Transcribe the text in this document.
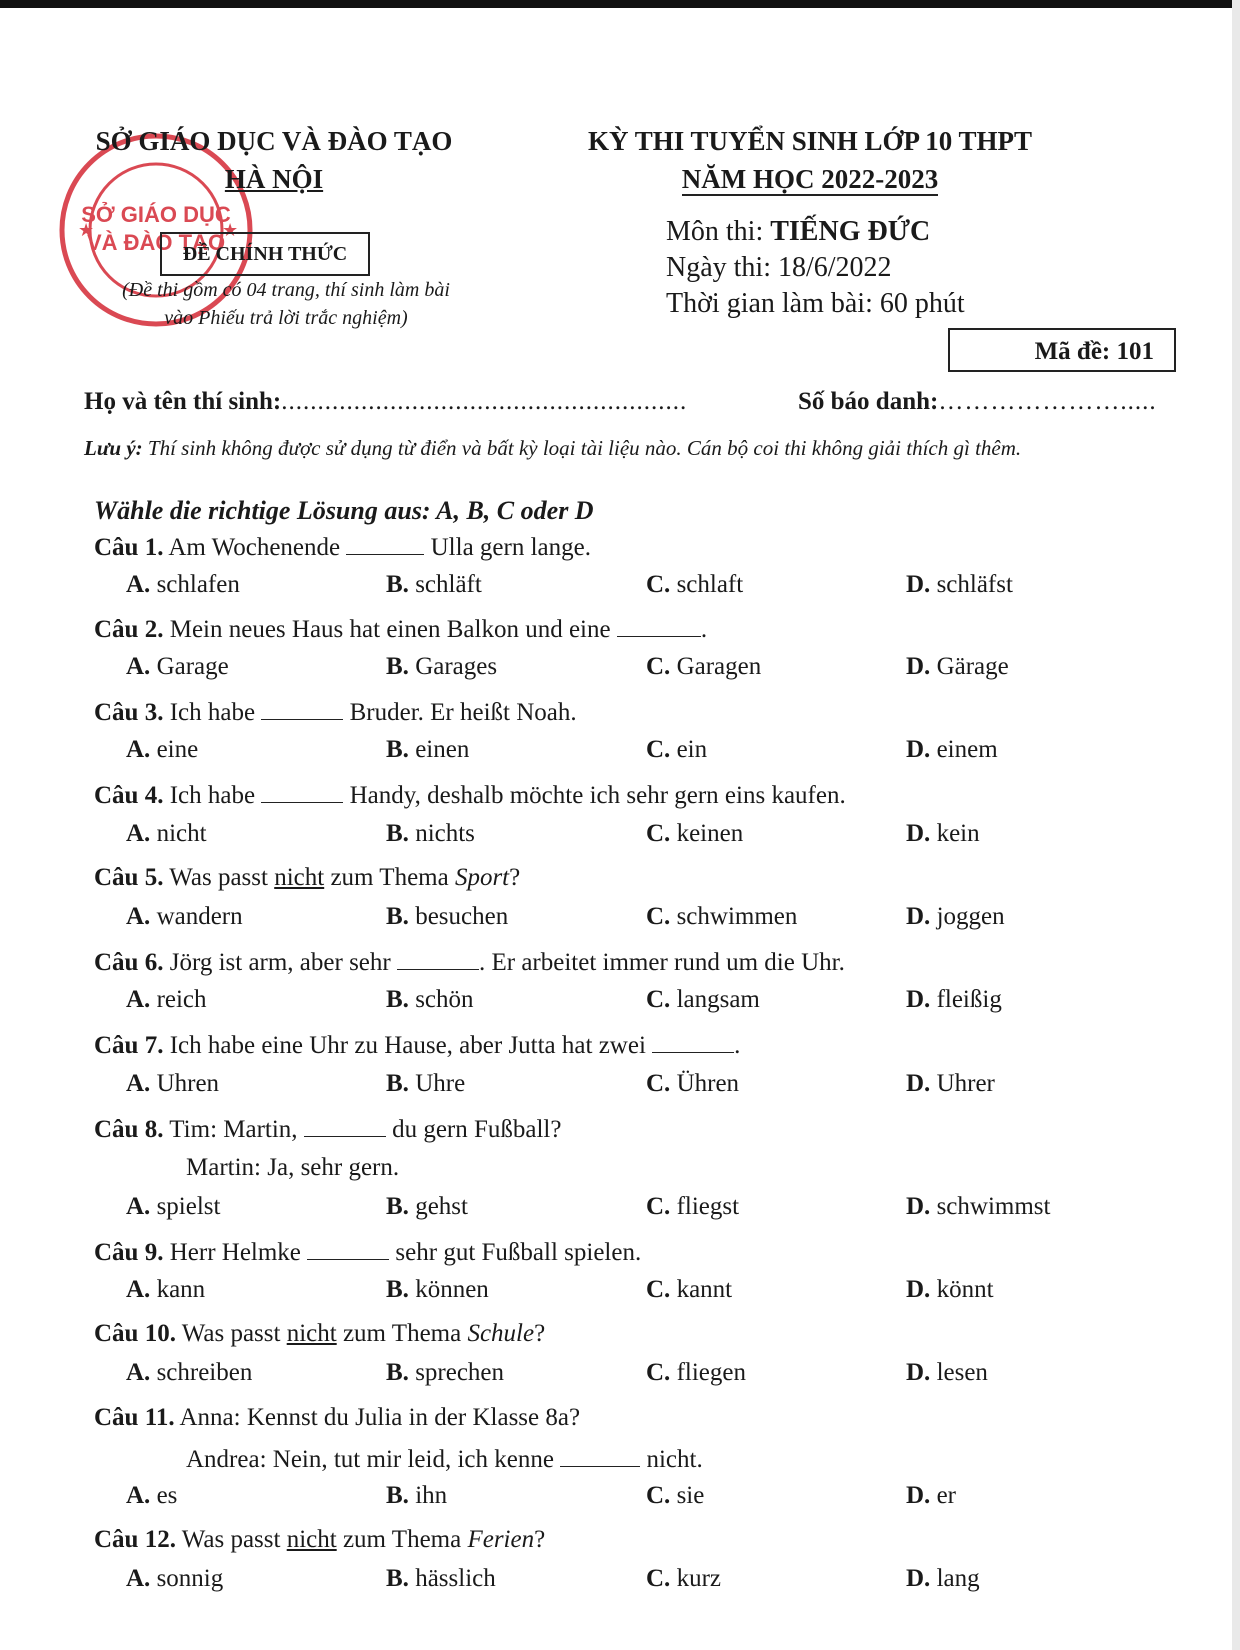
SỞ GIÁO DỤC
VÀ ĐÀO TẠO
★	★
SỞ GIÁO DỤC VÀ ĐÀO TẠO
HÀ NỘI
ĐỀ CHÍNH THỨC
(Đề thi gồm có 04 trang, thí sinh làm bài
vào Phiếu trả lời trắc nghiệm)
KỲ THI TUYỂN SINH LỚP 10 THPT
NĂM HỌC 2022-2023
Môn thi: TIẾNG ĐỨC
Ngày thi: 18/6/2022
Thời gian làm bài: 60 phút
Mã đề: 101
Họ và tên thí sinh:........................................................	Số báo danh:………………….....
Lưu ý: Thí sinh không được sử dụng từ điển và bất kỳ loại tài liệu nào. Cán bộ coi thi không giải thích gì thêm.
Wähle die richtige Lösung aus: A, B, C oder D
Câu 1. Am Wochenende	Ulla gern lange.
A. schlafen	B. schläft	C. schlaft	D. schläfst
Câu 2. Mein neues Haus hat einen Balkon und eine	.
A. Garage	B. Garages	C. Garagen	D. Gärage
Câu 3. Ich habe	Bruder. Er heißt Noah.
A. eine	B. einen	C. ein	D. einem
Câu 4. Ich habe	Handy, deshalb möchte ich sehr gern eins kaufen.
A. nicht	B. nichts	C. keinen	D. kein
Câu 5. Was passt nicht zum Thema Sport?
A. wandern	B. besuchen	C. schwimmen	D. joggen
Câu 6. Jörg ist arm, aber sehr	. Er arbeitet immer rund um die Uhr.
A. reich	B. schön	C. langsam	D. fleißig
Câu 7. Ich habe eine Uhr zu Hause, aber Jutta hat zwei	.
A. Uhren	B. Uhre	C. Ühren	D. Uhrer
Câu 8. Tim: Martin,	du gern Fußball?
Martin: Ja, sehr gern.
A. spielst	B. gehst	C. fliegst	D. schwimmst
Câu 9. Herr Helmke	sehr gut Fußball spielen.
A. kann	B. können	C. kannt	D. könnt
Câu 10. Was passt nicht zum Thema Schule?
A. schreiben	B. sprechen	C. fliegen	D. lesen
Câu 11. Anna: Kennst du Julia in der Klasse 8a?
Andrea: Nein, tut mir leid, ich kenne	nicht.
A. es	B. ihn	C. sie	D. er
Câu 12. Was passt nicht zum Thema Ferien?
A. sonnig	B. hässlich	C. kurz	D. lang
